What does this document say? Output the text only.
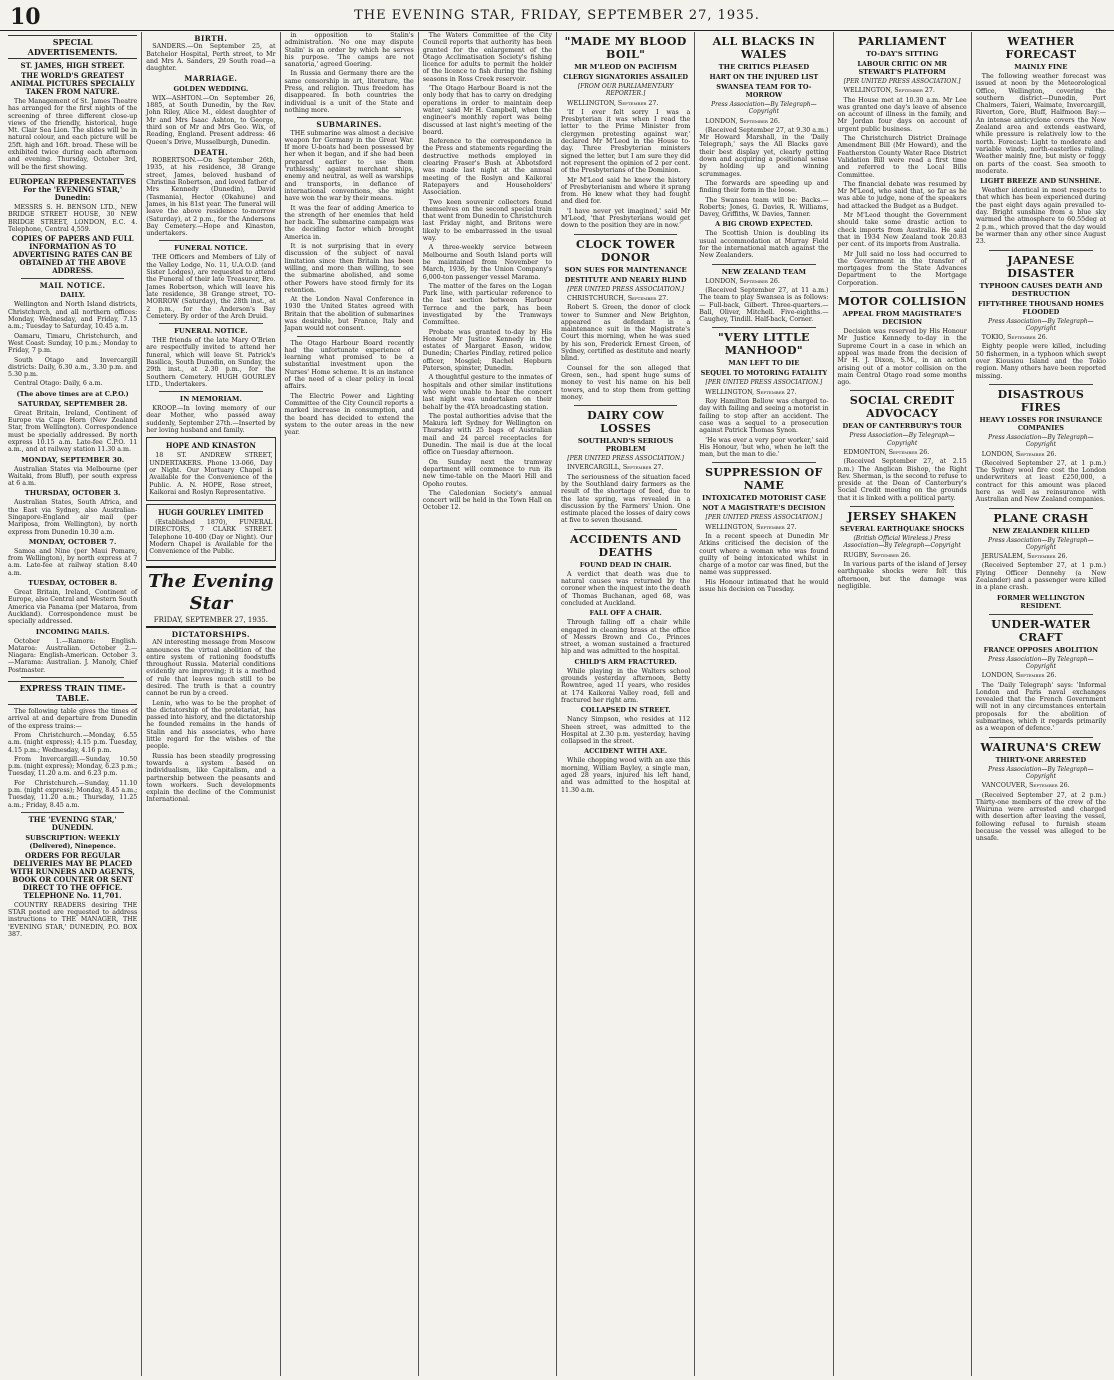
10	THE EVENING STAR, FRIDAY, SEPTEMBER 27, 1935.
SPECIAL ADVERTISEMENTS.
ST. JAMES, HIGH STREET.
THE WORLD'S GREATEST ANIMAL PICTURES SPECIALLY TAKEN FROM NATURE.
The Management of St. James Theatre has arranged for the first nights of the screening of three different close-up views of the friendly, historical, huge Mt. Clair Sea Lion. The slides will be in natural colour, and each picture will be 25ft. high and 16ft. broad. These will be exhibited twice during each afternoon and evening. Thursday, October 3rd, will be the first showing.
EUROPEAN REPRESENTATIVES For the 'EVENING STAR,' Dunedin:
MESSRS S. H. BENSON LTD., NEW BRIDGE STREET HOUSE, 30 NEW BRIDGE STREET, LONDON, E.C. 4. Telephone, Central 4,559.
COPIES OF PAPERS AND FULL INFORMATION AS TO ADVERTISING RATES CAN BE OBTAINED AT THE ABOVE ADDRESS.
MAIL NOTICE.
DAILY.
Wellington and North Island districts, Christchurch, and all northern offices: Monday, Wednesday, and Friday, 7.15 a.m.; Tuesday to Saturday, 10.45 a.m.
Oamaru, Timaru, Christchurch, and West Coast: Sunday, 10 p.m.; Monday to Friday, 7 p.m.
South Otago and Invercargill districts: Daily, 6.30 a.m., 3.30 p.m. and 5.30 p.m.
Central Otago: Daily, 6 a.m.
(The above times are at C.P.O.)
SATURDAY, SEPTEMBER 28.
Great Britain, Ireland, Continent of Europe via Cape Horn (New Zealand Star, from Wellington). Correspondence must be specially addressed. By north express 10.15 a.m. Late-fee C.P.O. 11 a.m., and at railway station 11.30 a.m.
MONDAY, SEPTEMBER 30.
Australian States via Melbourne (per Waitaki, from Bluff), per south express at 6 a.m.
THURSDAY, OCTOBER 3.
Australian States, South Africa, and the East via Sydney, also Australian-Singapore-England air mail (per Mariposa, from Wellington), by north express from Dunedin 10.30 a.m.
MONDAY, OCTOBER 7.
Samoa and Nine (per Maui Pomare, from Wellington), by north express at 7 a.m. Late-fee at railway station 8.40 a.m.
TUESDAY, OCTOBER 8.
Great Britain, Ireland, Continent of Europe, also Central and Western South America via Panama (per Mataroa, from Auckland). Correspondence must be specially addressed.
INCOMING MAILS.
October 1.—Ramora: English. Mataroa: Australian. October 2.—Niagara: English-American. October 3.—Marama: Australian. J. Manoly, Chief Postmaster.
EXPRESS TRAIN TIME-TABLE.
The following table gives the times of arrival at and departure from Dunedin of the express trains:—
From Christchurch.—Monday, 6.55 a.m. (night express); 4.15 p.m. Tuesday, 4.15 p.m.; Wednesday, 4.16 p.m.
From Invercargill.—Sunday, 10.50 p.m. (night express); Monday, 6.23 p.m.; Tuesday, 11.20 a.m. and 6.23 p.m.
For Christchurch.—Sunday, 11.10 p.m. (night express); Monday, 8.45 a.m.; Tuesday, 11.20 a.m.; Thursday, 11.25 a.m.; Friday, 8.45 a.m.
THE 'EVENING STAR,' DUNEDIN.
SUBSCRIPTION: WEEKLY (Delivered), Ninepence.
ORDERS FOR REGULAR DELIVERIES MAY BE PLACED WITH RUNNERS AND AGENTS, BOOK OR COUNTER OR SENT DIRECT TO THE OFFICE. TELEPHONE No. 11,701.
COUNTRY READERS desiring THE STAR posted are requested to address instructions to THE MANAGER, THE 'EVENING STAR,' DUNEDIN, P.O. BOX 387.
BIRTH.
SANDERS.—On September 25, at Batchelor Hospital, Perth street, to Mr and Mrs A. Sanders, 29 South road—a daughter.
MARRIAGE.
GOLDEN WEDDING.
WIX—ASHTON.—On September 26, 1885, at South Dunedin, by the Rev. John Riley, Alice M., eldest daughter of Mr and Mrs Isaac Ashton, to George, third son of Mr and Mrs Geo. Wix, of Reading, England. Present address: 46 Queen's Drive, Musselburgh, Dunedin.
DEATH.
ROBERTSON.—On September 26th, 1935, at his residence, 38 Grange street, James, beloved husband of Christina Robertson, and loved father of Mrs Kennedy (Dunedin), David (Tasmania), Hector (Okahune) and James, in his 81st year. The funeral will leave the above residence to-morrow (Saturday), at 2 p.m., for the Andersons Bay Cemetery.—Hope and Kinaston, undertakers.
FUNERAL NOTICE.
THE Officers and Members of Lily of the Valley Lodge, No. 11, U.A.O.D. (and Sister Lodges), are requested to attend the Funeral of their late Treasurer, Bro. James Robertson, which will leave his late residence, 38 Grange street, TO-MORROW (Saturday), the 28th inst., at 2 p.m., for the Anderson's Bay Cemetery. By order of the Arch Druid.
FUNERAL NOTICE.
THE friends of the late Mary O'Brien are respectfully invited to attend her funeral, which will leave St. Patrick's Basilica, South Dunedin, on Sunday, the 29th inst., at 2.30 p.m., for the Southern Cemetery. HUGH GOURLEY LTD., Undertakers.
IN MEMORIAM.
KROOP.—In loving memory of our dear Mother, who passed away suddenly, September 27th.—Inserted by her loving husband and family.
HOPE AND KINASTON
18 ST. ANDREW STREET, UNDERTAKERS. Phone 13-066, Day or Night. Our Mortuary Chapel is Available for the Convenience of the Public. A. N. HOPE, Rose street, Kaikorai and Roslyn Representative.
HUGH GOURLEY LIMITED
(Established 1870), FUNERAL DIRECTORS, 7 CLARK STREET. Telephone 10-400 (Day or Night). Our Modern Chapel is Available for the Convenience of the Public.
The Evening Star
FRIDAY, SEPTEMBER 27, 1935.
DICTATORSHIPS.
AN interesting message from Moscow announces the virtual abolition of the entire system of rationing foodstuffs throughout Russia. Material conditions evidently are improving; it is a method of rule that leaves much still to be desired. The truth is that a country cannot be run by a creed.
Lenin, who was to be the prophet of the dictatorship of the proletariat, has passed into history, and the dictatorship he founded remains in the hands of Stalin and his associates, who have little regard for the wishes of the people.
Russia has been steadily progressing towards a system based on individualism, like Capitalism, and a partnership between the peasants and town workers. Such developments explain the decline of the Communist International.
in opposition to Stalin's administration. 'No one may dispute Stalin' is an order by which he serves his purpose. 'The camps are not sanatoria,' agreed Goering.
In Russia and Germany there are the same censorship in art, literature, the Press, and religion. Thus freedom has disappeared. In both countries the individual is a unit of the State and nothing more.
SUBMARINES.
THE submarine was almost a decisive weapon for Germany in the Great War. If more U-boats had been possessed by her when it began, and if she had been prepared earlier to use them 'ruthlessly,' against merchant ships, enemy and neutral, as well as warships and transports, in defiance of international conventions, she might have won the war by their means.
It was the fear of adding America to the strength of her enemies that held her back. The submarine campaign was the deciding factor which brought America in.
It is not surprising that in every discussion of the subject of naval limitation since then Britain has been willing, and more than willing, to see the submarine abolished, and some other Powers have stood firmly for its retention.
At the London Naval Conference in 1930 the United States agreed with Britain that the abolition of submarines was desirable, but France, Italy and Japan would not consent.
The Otago Harbour Board recently had the unfortunate experience of learning what promised to be a substantial investment upon the Nurses' Home scheme. It is an instance of the need of a clear policy in local affairs.
The Electric Power and Lighting Committee of the City Council reports a marked increase in consumption, and the board has decided to extend the system to the outer areas in the new year.
The Waters Committee of the City Council reports that authority has been granted for the enlargement of the Otago Acclimatisation Society's fishing licence for adults to permit the holder of the licence to fish during the fishing seasons in Ross Creek reservoir.
'The Otago Harbour Board is not the only body that has to carry on dredging operations in order to maintain deep water,' said Mr H. Campbell, when the engineer's monthly report was being discussed at last night's meeting of the board.
Reference to the correspondence in the Press and statements regarding the destructive methods employed in clearing Fraser's Bush at Abbotsford was made last night at the annual meeting of the Roslyn and Kaikorai Ratepayers and Householders' Association.
Two keen souvenir collectors found themselves on the second special train that went from Dunedin to Christchurch last Friday night, and Britons were likely to be embarrassed in the usual way.
A three-weekly service between Melbourne and South Island ports will be maintained from November to March, 1936, by the Union Company's 6,000-ton passenger vessel Marama.
The matter of the fares on the Logan Park line, with particular reference to the last section between Harbour Terrace and the park, has been investigated by the Tramways Committee.
Probate was granted to-day by His Honour Mr Justice Kennedy in the estates of Margaret Eason, widow, Dunedin; Charles Pindlay, retired police officer, Mosgiel; Rachel Hepburn Paterson, spinster, Dunedin.
A thoughtful gesture to the inmates of hospitals and other similar institutions who were unable to hear the concert last night was undertaken on their behalf by the 4YA broadcasting station.
The postal authorities advise that the Makura left Sydney for Wellington on Thursday with 25 bags of Australian mail and 24 parcel receptacles for Dunedin. The mail is due at the local office on Tuesday afternoon.
On Sunday next the tramway department will commence to run its new time-table on the Maori Hill and Opoho routes.
The Caledonian Society's annual concert will be held in the Town Hall on October 12.
"MADE MY BLOOD BOIL"
MR M'LEOD ON PACIFISM
CLERGY SIGNATORIES ASSAILED
[FROM OUR PARLIAMENTARY REPORTER.]
WELLINGTON, September 27.
'If I ever felt sorry I was a Presbyterian it was when I read the letter to the Prime Minister from clergymen protesting against war,' declared Mr M'Leod in the House to-day. Three Presbyterian ministers signed the letter, but I am sure they did not represent the opinion of 2 per cent. of the Presbyterians of the Dominion.
Mr M'Leod said he knew the history of Presbyterianism and where it sprang from. He knew what they had fought and died for.
'I have never yet imagined,' said Mr M'Leod, 'that Presbyterians would get down to the position they are in now.'
CLOCK TOWER DONOR
SON SUES FOR MAINTENANCE
DESTITUTE AND NEARLY BLIND
[PER UNITED PRESS ASSOCIATION.]
CHRISTCHURCH, September 27.
Robert S. Green, the donor of clock tower to Sumner and New Brighton, appeared as defendant in a maintenance suit in the Magistrate's Court this morning, when he was sued by his son, Frederick Ernest Green, of Sydney, certified as destitute and nearly blind.
Counsel for the son alleged that Green, sen., had spent huge sums of money to vest his name on his bell towers, and to stop them from getting money.
DAIRY COW LOSSES
SOUTHLAND'S SERIOUS PROBLEM
[PER UNITED PRESS ASSOCIATION.]
INVERCARGILL, September 27.
The seriousness of the situation faced by the Southland dairy farmers as the result of the shortage of feed, due to the late spring, was revealed in a discussion by the Farmers' Union. One estimate placed the losses of dairy cows at five to seven thousand.
ACCIDENTS AND DEATHS
FOUND DEAD IN CHAIR.
A verdict that death was due to natural causes was returned by the coroner when the inquest into the death of Thomas Buchanan, aged 68, was concluded at Auckland.
FALL OFF A CHAIR.
Through falling off a chair while engaged in cleaning brass at the office of Messrs Brown and Co., Princes street, a woman sustained a fractured hip and was admitted to the hospital.
CHILD'S ARM FRACTURED.
While playing in the Walters school grounds yesterday afternoon, Betty Rowntree, aged 11 years, who resides at 174 Kaikorai Valley road, fell and fractured her right arm.
COLLAPSED IN STREET.
Nancy Simpson, who resides at 112 Sheen street, was admitted to the Hospital at 2.30 p.m. yesterday, having collapsed in the street.
ACCIDENT WITH AXE.
While chopping wood with an axe this morning, William Bayley, a single man, aged 28 years, injured his left hand, and was admitted to the hospital at 11.30 a.m.
ALL BLACKS IN WALES
THE CRITICS PLEASED
HART ON THE INJURED LIST
SWANSEA TEAM FOR TO-MORROW
Press Association—By Telegraph—Copyright
LONDON, September 26.
(Received September 27, at 9.30 a.m.) Mr Howard Marshall, in the 'Daily Telegraph,' says the All Blacks gave their best display yet, clearly getting down and acquiring a positional sense by holding up and winning scrummages.
The forwards are speeding up and finding their form in the loose.
The Swansea team will be: Backs.—Roberts; Jones, G. Davies, R. Williams, Davey, Griffiths, W. Davies, Tanner.
A BIG CROWD EXPECTED.
The Scottish Union is doubling its usual accommodation at Murray Field for the international match against the New Zealanders.
NEW ZEALAND TEAM
LONDON, September 26.
(Received September 27, at 11 a.m.) The team to play Swansea is as follows:— Full-back, Gilbert. Three-quarters.—Ball, Oliver, Mitchell. Five-eighths.—Caughey, Tindill. Half-back, Corner.
"VERY LITTLE MANHOOD"
MAN LEFT TO DIE
SEQUEL TO MOTORING FATALITY
[PER UNITED PRESS ASSOCIATION.]
WELLINGTON, September 27.
Roy Hamilton Bellow was charged to-day with failing and seeing a motorist in failing to stop after an accident. The case was a sequel to a prosecution against Patrick Thomas Synon.
'He was ever a very poor worker,' said His Honour, 'but who, when he left the man, but the man to die.'
SUPPRESSION OF NAME
INTOXICATED MOTORIST CASE
NOT A MAGISTRATE'S DECISION
[PER UNITED PRESS ASSOCIATION.]
WELLINGTON, September 27.
In a recent speech at Dunedin Mr Atkins criticised the decision of the court where a woman who was found guilty of being intoxicated whilst in charge of a motor car was fined, but the name was suppressed.
His Honour intimated that he would issue his decision on Tuesday.
PARLIAMENT
TO-DAY'S SITTING
LABOUR CRITIC ON MR STEWART'S PLATFORM
[PER UNITED PRESS ASSOCIATION.]
WELLINGTON, September 27.
The House met at 10.30 a.m. Mr Lee was granted one day's leave of absence on account of illness in the family, and Mr Jordan four days on account of urgent public business.
The Christchurch District Drainage Amendment Bill (Mr Howard), and the Featherston County Water Race District Validation Bill were read a first time and referred to the Local Bills Committee.
The financial debate was resumed by Mr M'Leod, who said that, so far as he was able to judge, none of the speakers had attacked the Budget as a Budget.
Mr M'Leod thought the Government should take some drastic action to check imports from Australia. He said that in 1934 New Zealand took 20.83 per cent. of its imports from Australia.
Mr Jull said no loss had occurred to the Government in the transfer of mortgages from the State Advances Department to the Mortgage Corporation.
MOTOR COLLISION
APPEAL FROM MAGISTRATE'S DECISION
Decision was reserved by His Honour Mr Justice Kennedy to-day in the Supreme Court in a case in which an appeal was made from the decision of Mr H. J. Dixon, S.M., in an action arising out of a motor collision on the main Central Otago road some months ago.
SOCIAL CREDIT ADVOCACY
DEAN OF CANTERBURY'S TOUR
Press Association—By Telegraph—Copyright
EDMONTON, September 26.
(Received September 27, at 2.15 p.m.) The Anglican Bishop, the Right Rev. Sherman, is the second to refuse to preside at the Dean of Canterbury's Social Credit meeting on the grounds that it is linked with a political party.
JERSEY SHAKEN
SEVERAL EARTHQUAKE SHOCKS
(British Official Wireless.) Press Association—By Telegraph—Copyright
RUGBY, September 26.
In various parts of the island of Jersey earthquake shocks were felt this afternoon, but the damage was negligible.
WEATHER FORECAST
MAINLY FINE
The following weather forecast was issued at noon by the Meteorological Office, Wellington, covering the southern district—Dunedin, Port Chalmers, Taieri, Waimate, Invercargill, Riverton, Gore, Bluff, Halfmoon Bay:— An intense anticyclone covers the New Zealand area and extends eastward, while pressure is relatively low to the north. Forecast: Light to moderate and variable winds, north-easterlies ruling. Weather mainly fine, but misty or foggy on parts of the coast. Sea smooth to moderate.
LIGHT BREEZE AND SUNSHINE.
Weather identical in most respects to that which has been experienced during the past eight days again prevailed to-day. Bright sunshine from a blue sky warmed the atmosphere to 60.55deg at 2 p.m., which proved that the day would be warmer than any other since August 23.
JAPANESE DISASTER
TYPHOON CAUSES DEATH AND DESTRUCTION
FIFTY-THREE THOUSAND HOMES FLOODED
Press Association—By Telegraph—Copyright
TOKIO, September 26.
Eighty people were killed, including 50 fishermen, in a typhoon which swept over Kiousiou Island and the Tokio region. Many others have been reported missing.
DISASTROUS FIRES
HEAVY LOSSES FOR INSURANCE COMPANIES
Press Association—By Telegraph—Copyright
LONDON, September 26.
(Received September 27, at 1 p.m.) The Sydney wool fire cost the London underwriters at least £250,000, a contract for this amount was placed here as well as reinsurance with Australian and New Zealand companies.
PLANE CRASH
NEW ZEALANDER KILLED
Press Association—By Telegraph—Copyright
JERUSALEM, September 26.
(Received September 27, at 1 p.m.) Flying Officer Dennehy (a New Zealander) and a passenger were killed in a plane crash.
FORMER WELLINGTON RESIDENT.
UNDER-WATER CRAFT
FRANCE OPPOSES ABOLITION
Press Association—By Telegraph—Copyright
LONDON, September 26.
The 'Daily Telegraph' says: 'Informal London and Paris naval exchanges revealed that the French Government will not in any circumstances entertain proposals for the abolition of submarines, which it regards primarily as a weapon of defence.'
WAIRUNA'S CREW
THIRTY-ONE ARRESTED
Press Association—By Telegraph—Copyright
VANCOUVER, September 26.
(Received September 27, at 2 p.m.) Thirty-one members of the crew of the Wairuna were arrested and charged with desertion after leaving the vessel, following refusal to furnish steam because the vessel was alleged to be unsafe.
